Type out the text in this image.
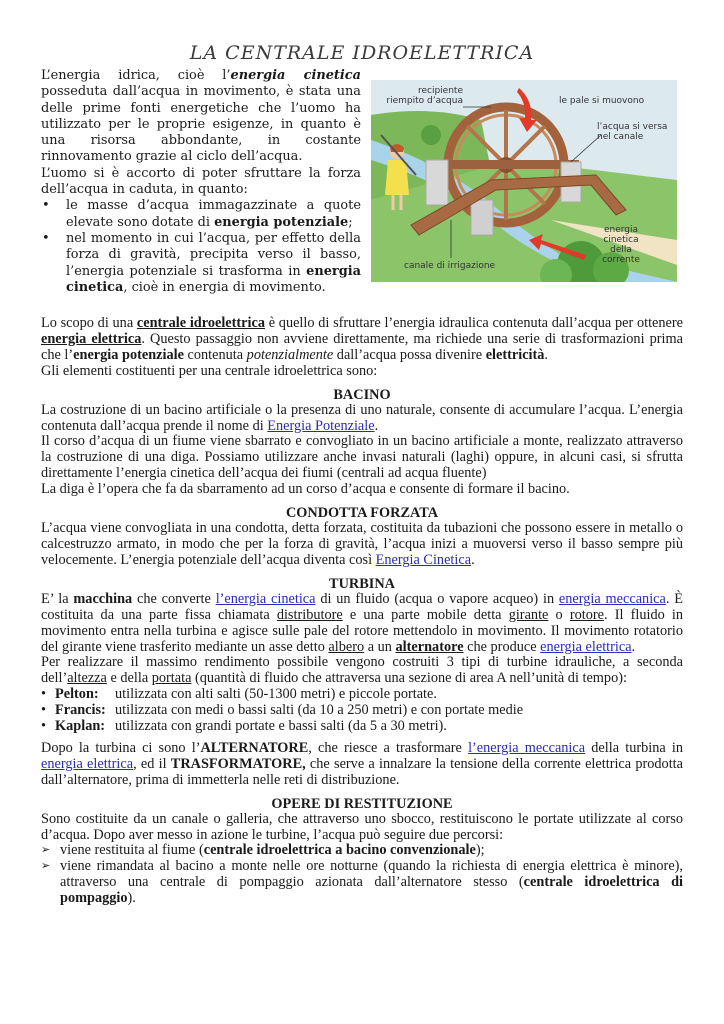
LA CENTRALE IDROELETTRICA

L’energia idrica, cioè l’energia cinetica posseduta dall’acqua in movimento, è stata una delle prime fonti energetiche che l’uomo ha utilizzato per le proprie esigenze, in quanto è una risorsa abbondante, in costante rinnovamento grazie al ciclo dell’acqua.

L’uomo si è accorto di poter sfruttare la forza dell’acqua in caduta, in quanto:

• le masse d’acqua immagazzinate a quote elevate sono dotate di energia potenziale;
• nel momento in cui l’acqua, per effetto della forza di gravità, precipita verso il basso, l’energia potenziale si trasforma in energia cinetica, cioè in energia di movimento.
recipiente riempito d’acqua	le pale si muovono
l’acqua si versa nel canale
energia cinetica della corrente
canale di irrigazione

Lo scopo di una centrale idroelettrica è quello di sfruttare l’energia idraulica contenuta dall’acqua per ottenere energia elettrica. Questo passaggio non avviene direttamente, ma richiede una serie di trasformazioni prima che l’energia potenziale contenuta potenzialmente dall’acqua possa divenire elettricità.

Gli elementi costituenti per una centrale idroelettrica sono:

BACINO

La costruzione di un bacino artificiale o la presenza di uno naturale, consente di accumulare l’acqua. L’energia contenuta dall’acqua prende il nome di Energia Potenziale.

Il corso d’acqua di un fiume viene sbarrato e convogliato in un bacino artificiale a monte, realizzato attraverso la costruzione di una diga. Possiamo utilizzare anche invasi naturali (laghi) oppure, in alcuni casi, si sfrutta direttamente l’energia cinetica dell’acqua dei fiumi (centrali ad acqua fluente)

La diga è l’opera che fa da sbarramento ad un corso d’acqua e consente di formare il bacino.

CONDOTTA FORZATA

L’acqua viene convogliata in una condotta, detta forzata, costituita da tubazioni che possono essere in metallo o calcestruzzo armato, in modo che per la forza di gravità, l’acqua inizi a muoversi verso il basso sempre più velocemente. L’energia potenziale dell’acqua diventa così Energia Cinetica.

TURBINA

E’ la macchina che converte l’energia cinetica di un fluido (acqua o vapore acqueo) in energia meccanica. È costituita da una parte fissa chiamata distributore e una parte mobile detta girante o rotore. Il fluido in movimento entra nella turbina e agisce sulle pale del rotore mettendolo in movimento. Il movimento rotatorio del girante viene trasferito mediante un asse detto albero a un alternatore che produce energia elettrica.

Per realizzare il massimo rendimento possibile vengono costruiti 3 tipi di turbine idrauliche, a seconda dell’altezza e della portata (quantità di fluido che attraversa una sezione di area A nell’unità di tempo):

• Pelton: utilizzata con alti salti (50-1300 metri) e piccole portate.
• Francis: utilizzata con medi o bassi salti (da 10 a 250 metri) e con portate medie
• Kaplan: utilizzata con grandi portate e bassi salti (da 5 a 30 metri).

Dopo la turbina ci sono l’ALTERNATORE, che riesce a trasformare l’energia meccanica della turbina in energia elettrica, ed il TRASFORMATORE, che serve a innalzare la tensione della corrente elettrica prodotta dall’alternatore, prima di immetterla nelle reti di distribuzione.

OPERE DI RESTITUZIONE

Sono costituite da un canale o galleria, che attraverso uno sbocco, restituiscono le portate utilizzate al corso d’acqua. Dopo aver messo in azione le turbine, l’acqua può seguire due percorsi:

➢ viene restituita al fiume (centrale idroelettrica a bacino convenzionale);
➢ viene rimandata al bacino a monte nelle ore notturne (quando la richiesta di energia elettrica è minore), attraverso una centrale di pompaggio azionata dall’alternatore stesso (centrale idroelettrica di pompaggio).
